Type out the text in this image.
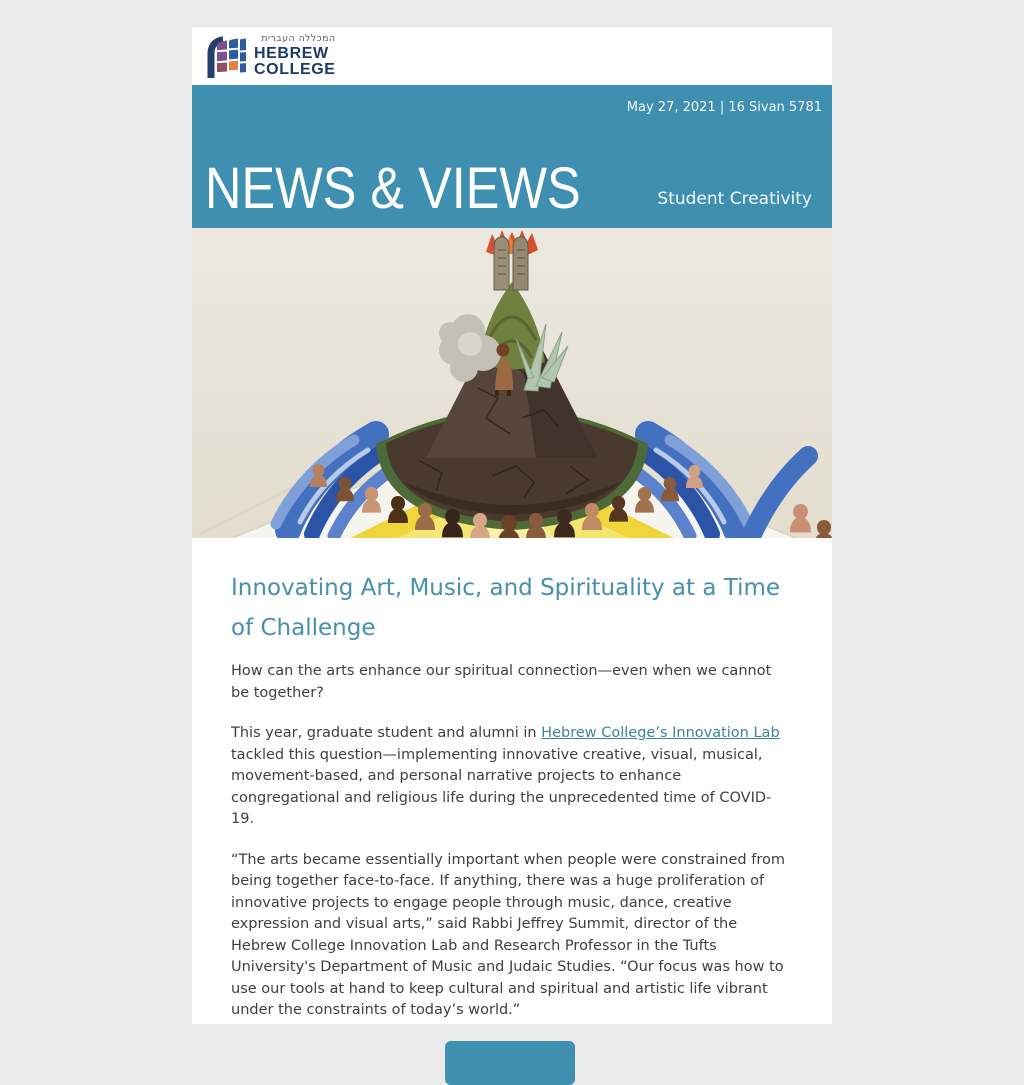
המכללה העברית
HEBREW
COLLEGE
May 27, 2021 | 16 Sivan 5781
NEWS & VIEWS	Student Creativity
Innovating Art, Music, and Spirituality at a Time of Challenge

How can the arts enhance our spiritual connection—even when we cannot be together?

This year, graduate student and alumni in Hebrew College’s Innovation Lab tackled this question—implementing innovative creative, visual, musical, movement-based, and personal narrative projects to enhance congregational and religious life during the unprecedented time of COVID-19.

“The arts became essentially important when people were constrained from being together face-to-face. If anything, there was a huge proliferation of innovative projects to engage people through music, dance, creative expression and visual arts,” said Rabbi Jeffrey Summit, director of the Hebrew College Innovation Lab and Research Professor in the Tufts University's Department of Music and Judaic Studies. “Our focus was how to use our tools at hand to keep cultural and spiritual and artistic life vibrant under the constraints of today’s world.”
